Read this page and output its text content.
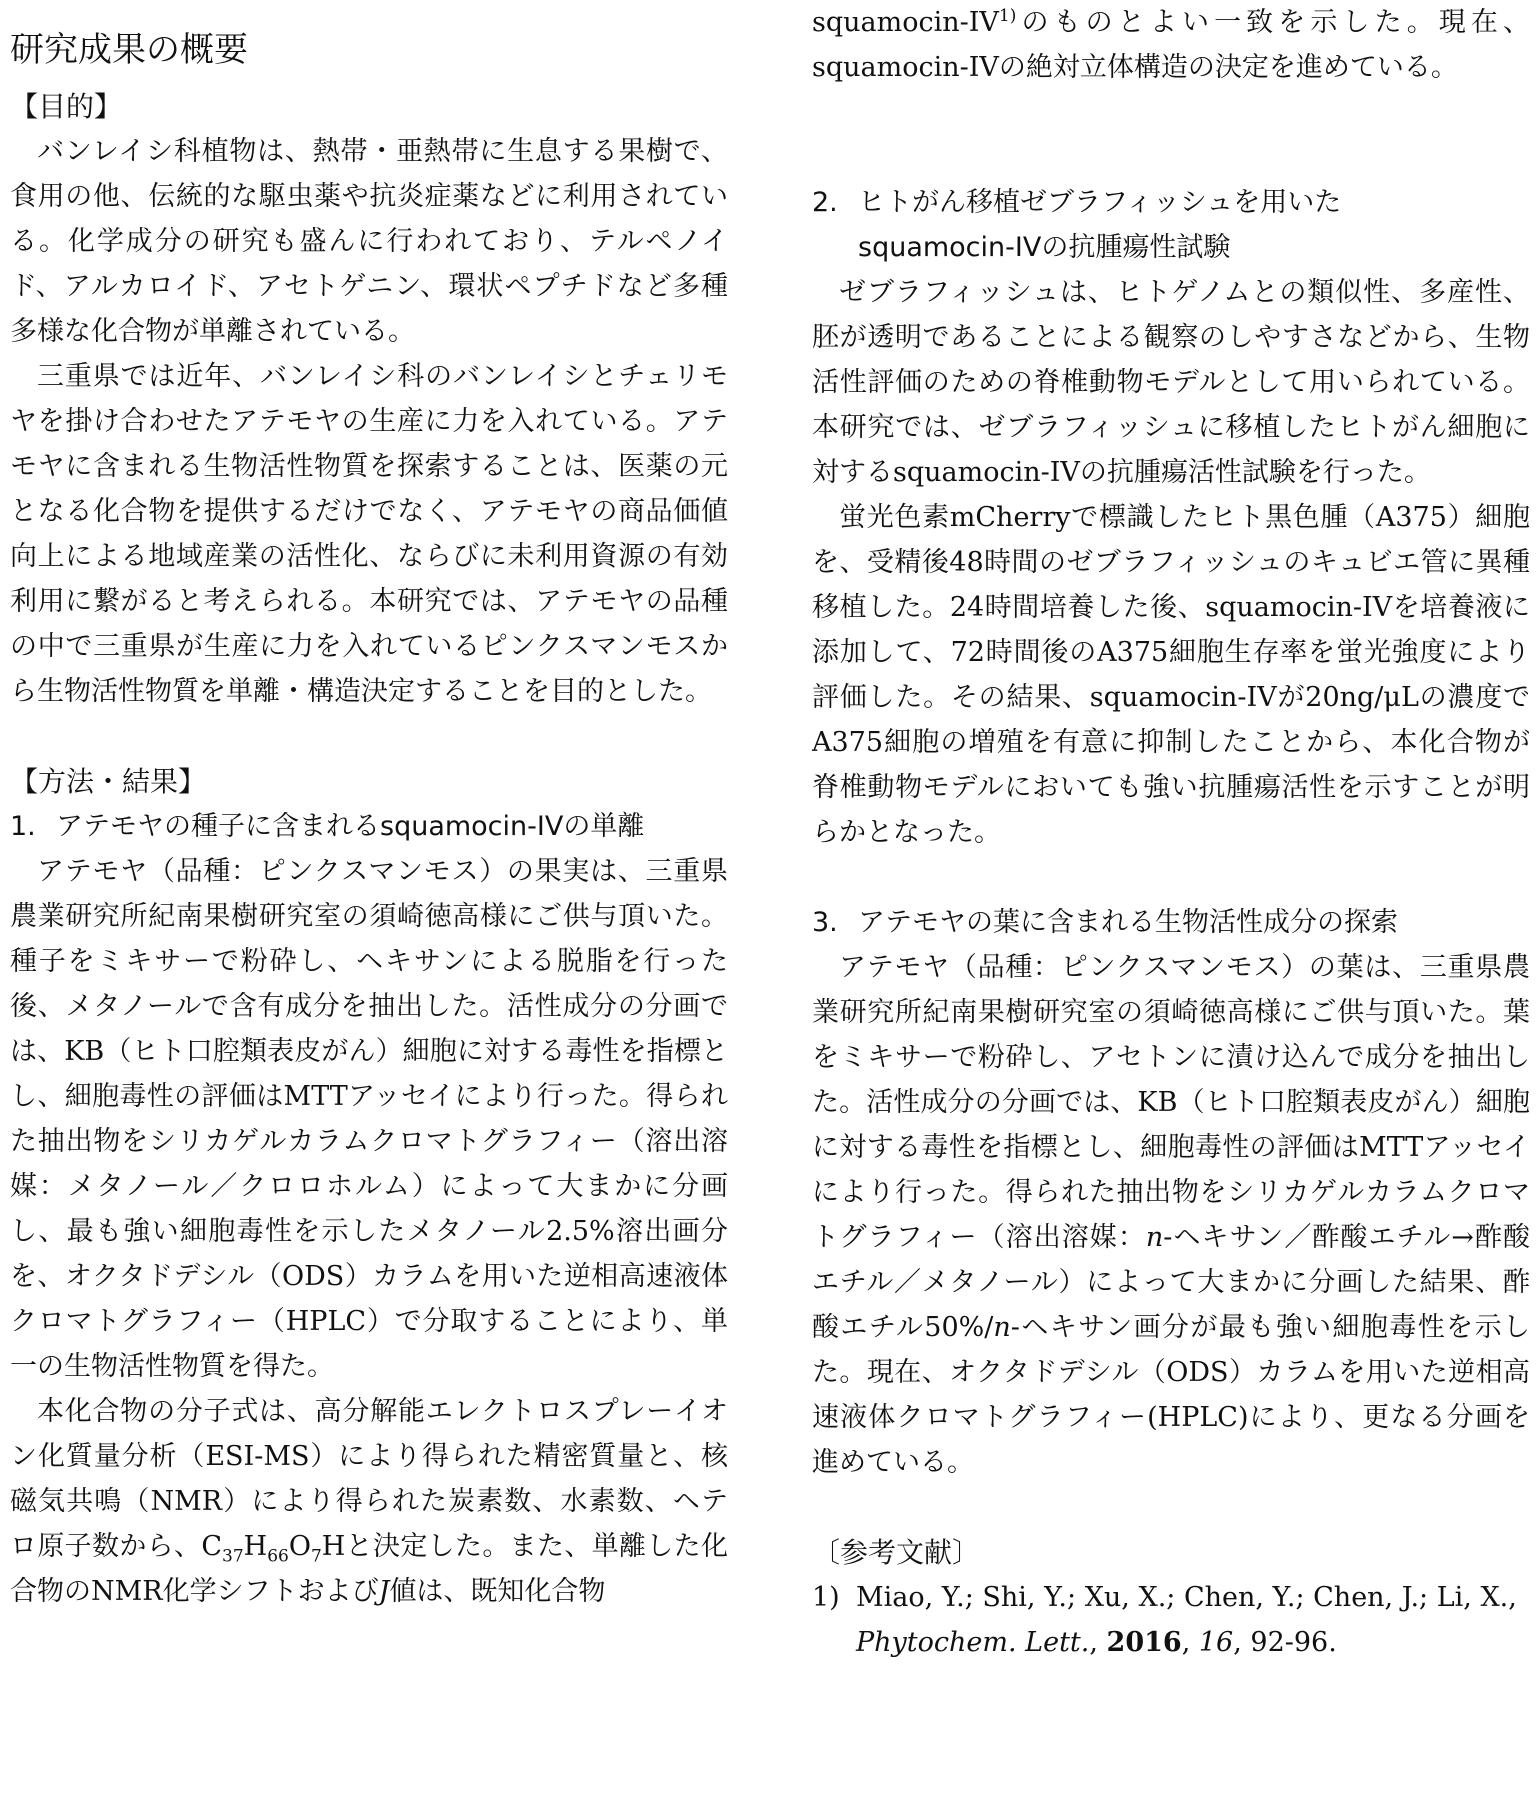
研究成果の概要

【目的】

バンレイシ科植物は、熱帯・亜熱帯に生息する果樹で、食用の他、伝統的な駆虫薬や抗炎症薬などに利用されている。化学成分の研究も盛んに行われており、テルペノイド、アルカロイド、アセトゲニン、環状ペプチドなど多種多様な化合物が単離されている。

三重県では近年、バンレイシ科のバンレイシとチェリモヤを掛け合わせたアテモヤの生産に力を入れている。アテモヤに含まれる生物活性物質を探索することは、医薬の元となる化合物を提供するだけでなく、アテモヤの商品価値向上による地域産業の活性化、ならびに未利用資源の有効利用に繋がると考えられる。本研究では、アテモヤの品種の中で三重県が生産に力を入れているピンクスマンモスから生物活性物質を単離・構造決定することを目的とした。

【方法・結果】

1. アテモヤの種子に含まれるsquamocin-IVの単離

アテモヤ（品種：ピンクスマンモス）の果実は、三重県農業研究所紀南果樹研究室の須崎徳高様にご供与頂いた。種子をミキサーで粉砕し、ヘキサンによる脱脂を行った後、メタノールで含有成分を抽出した。活性成分の分画では、KB（ヒト口腔類表皮がん）細胞に対する毒性を指標とし、細胞毒性の評価はMTTアッセイにより行った。得られた抽出物をシリカゲルカラムクロマトグラフィー（溶出溶媒：メタノール／クロロホルム）によって大まかに分画し、最も強い細胞毒性を示したメタノール2.5%溶出画分を、オクタドデシル（ODS）カラムを用いた逆相高速液体クロマトグラフィー（HPLC）で分取することにより、単一の生物活性物質を得た。

本化合物の分子式は、高分解能エレクトロスプレーイオン化質量分析（ESI-MS）により得られた精密質量と、核磁気共鳴（NMR）により得られた炭素数、水素数、ヘテロ原子数から、$C_{37}H_{66}O_7H$と決定した。また、単離した化合物のNMR化学シフトおよびJ値は、既知化合物

squamocin-IV$^{1)}$のものとよい一致を示した。現在、squamocin-IVの絶対立体構造の決定を進めている。

2. ヒトがん移植ゼブラフィッシュを用いた

squamocin-IVの抗腫瘍性試験

ゼブラフィッシュは、ヒトゲノムとの類似性、多産性、胚が透明であることによる観察のしやすさなどから、生物活性評価のための脊椎動物モデルとして用いられている。本研究では、ゼブラフィッシュに移植したヒトがん細胞に対するsquamocin-IVの抗腫瘍活性試験を行った。

蛍光色素mCherryで標識したヒト黒色腫（A375）細胞を、受精後48時間のゼブラフィッシュのキュビエ管に異種移植した。24時間培養した後、squamocin-IVを培養液に添加して、72時間後のA375細胞生存率を蛍光強度により評価した。その結果、squamocin-IVが20ng/μLの濃度でA375細胞の増殖を有意に抑制したことから、本化合物が脊椎動物モデルにおいても強い抗腫瘍活性を示すことが明らかとなった。

3. アテモヤの葉に含まれる生物活性成分の探索

アテモヤ（品種：ピンクスマンモス）の葉は、三重県農業研究所紀南果樹研究室の須崎徳高様にご供与頂いた。葉をミキサーで粉砕し、アセトンに漬け込んで成分を抽出した。活性成分の分画では、KB（ヒト口腔類表皮がん）細胞に対する毒性を指標とし、細胞毒性の評価はMTTアッセイにより行った。得られた抽出物をシリカゲルカラムクロマトグラフィー（溶出溶媒：n-ヘキサン／酢酸エチル→酢酸エチル／メタノール）によって大まかに分画した結果、酢酸エチル50%/n-ヘキサン画分が最も強い細胞毒性を示した。現在、オクタドデシル（ODS）カラムを用いた逆相高速液体クロマトグラフィー(HPLC)により、更なる分画を進めている。

〔参考文献〕

1) Miao, Y.; Shi, Y.; Xu, X.; Chen, Y.; Chen, J.; Li, X., Phytochem. Lett., 2016, 16, 92-96.
